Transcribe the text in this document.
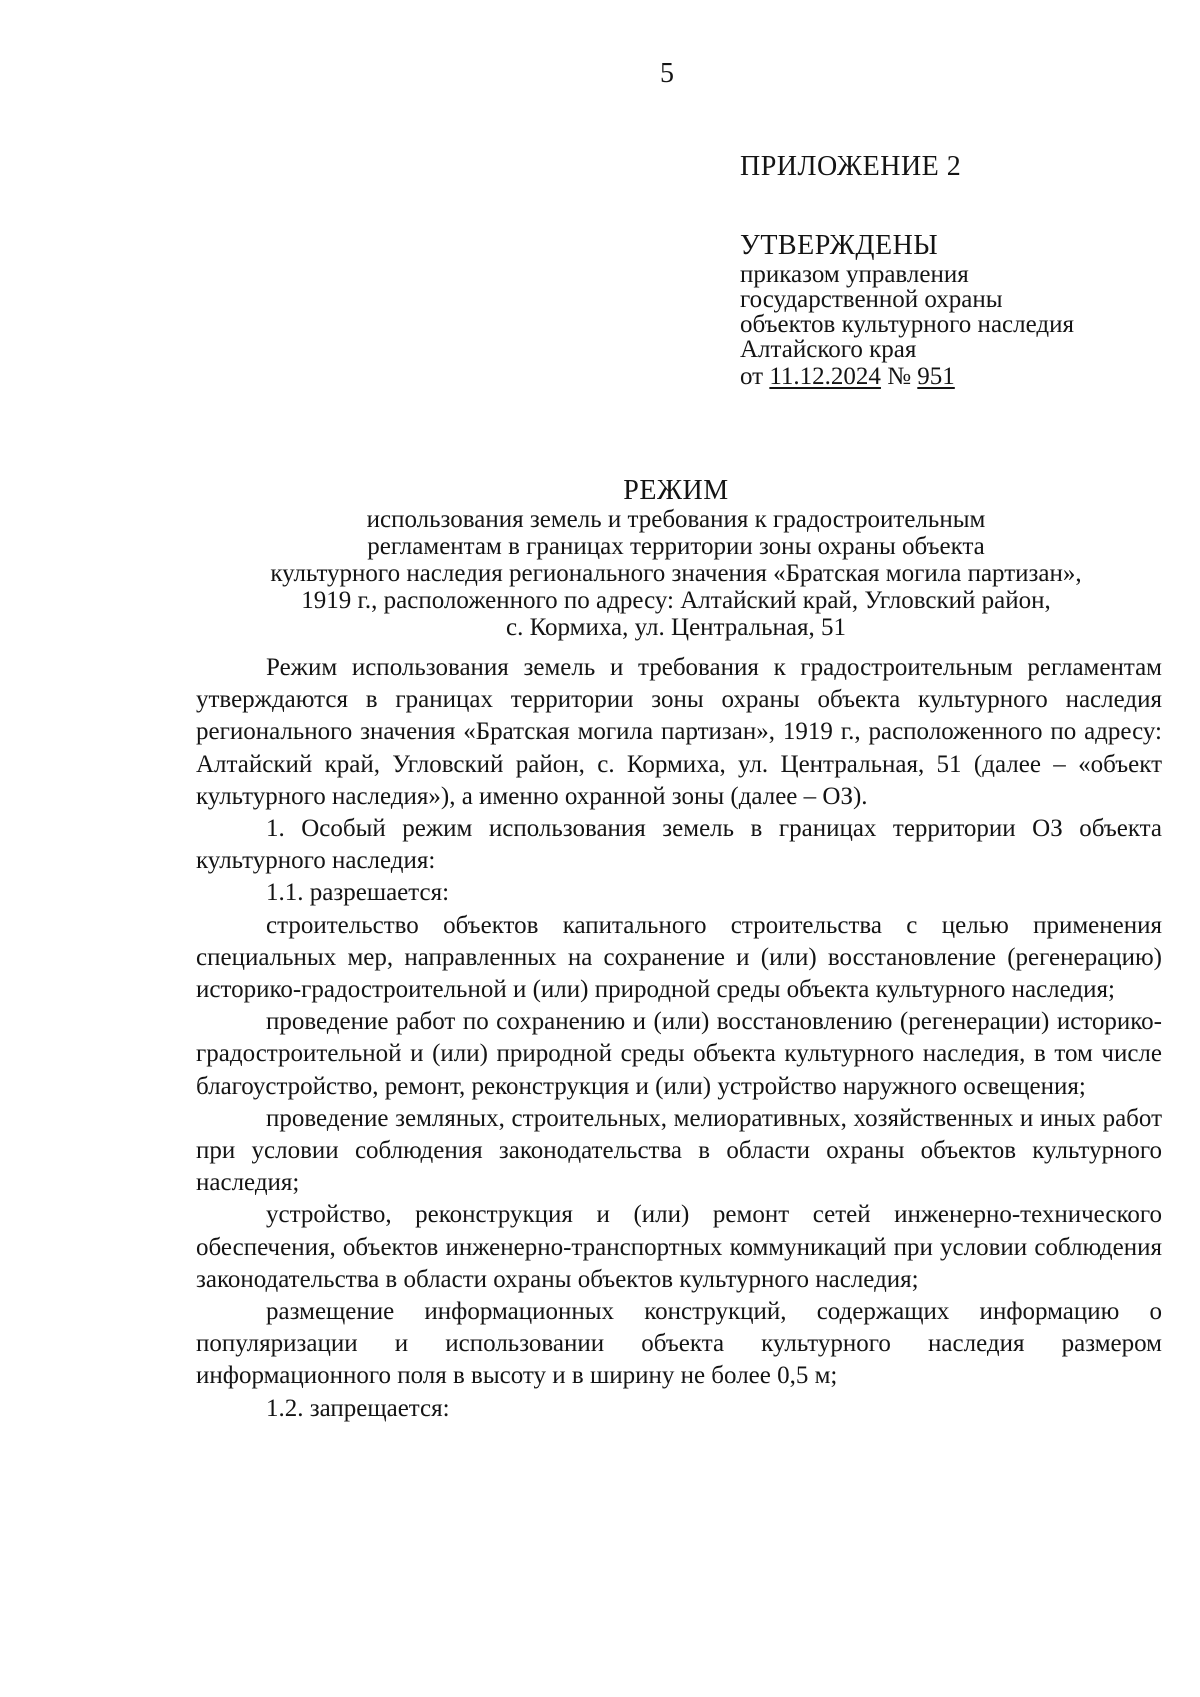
5
ПРИЛОЖЕНИЕ 2
УТВЕРЖДЕНЫ
приказом управления
государственной охраны
объектов культурного наследия
Алтайского края
от 11.12.2024 № 951
РЕЖИМ
использования земель и требования к градостроительным
регламентам в границах территории зоны охраны объекта
культурного наследия регионального значения «Братская могила партизан»,
1919 г., расположенного по адресу: Алтайский край, Угловский район,
с. Кормиха, ул. Центральная, 51

Режим использования земель и требования к градостроительным регламентам утверждаются в границах территории зоны охраны объекта культурного наследия регионального значения «Братская могила партизан», 1919 г., расположенного по адресу: Алтайский край, Угловский район, с. Кормиха, ул. Центральная, 51 (далее – «объект культурного наследия»), а именно охранной зоны (далее – ОЗ).

1. Особый режим использования земель в границах территории ОЗ объекта культурного наследия:

1.1. разрешается:

строительство объектов капитального строительства с целью применения специальных мер, направленных на сохранение и (или) восстановление (регенерацию) историко-градостроительной и (или) природной среды объекта культурного наследия;

проведение работ по сохранению и (или) восстановлению (регенерации) историко-градостроительной и (или) природной среды объекта культурного наследия, в том числе благоустройство, ремонт, реконструкция и (или) устройство наружного освещения;

проведение земляных, строительных, мелиоративных, хозяйственных и иных работ при условии соблюдения законодательства в области охраны объектов культурного наследия;

устройство, реконструкция и (или) ремонт сетей инженерно-технического обеспечения, объектов инженерно-транспортных коммуникаций при условии соблюдения законодательства в области охраны объектов культурного наследия;

размещение информационных конструкций, содержащих информацию о популяризации и использовании объекта культурного наследия размером информационного поля в высоту и в ширину не более 0,5 м;

1.2. запрещается:
